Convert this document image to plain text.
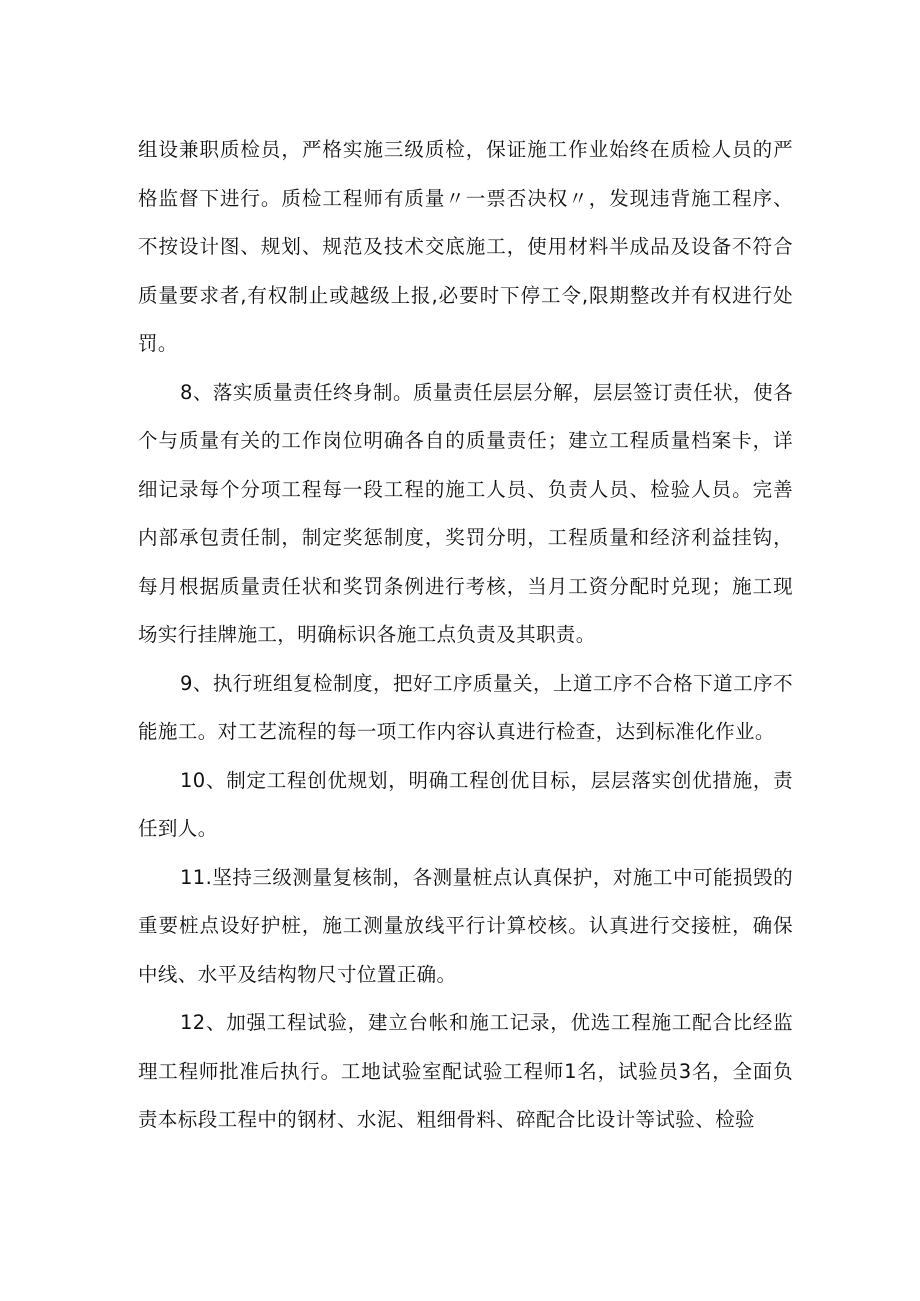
组设兼职质检员，严格实施三级质检，保证施工作业始终在质检人员的严格监督下进行。质检工程师有质量〃一票否决权〃，发现违背施工程序、不按设计图、规划、规范及技术交底施工，使用材料半成品及设备不符合质量要求者,有权制止或越级上报,必要时下停工令,限期整改并有权进行处罚。

8、落实质量责任终身制。质量责任层层分解，层层签订责任状，使各个与质量有关的工作岗位明确各自的质量责任；建立工程质量档案卡，详细记录每个分项工程每一段工程的施工人员、负责人员、检验人员。完善内部承包责任制，制定奖惩制度，奖罚分明，工程质量和经济利益挂钩，每月根据质量责任状和奖罚条例进行考核，当月工资分配时兑现；施工现场实行挂牌施工，明确标识各施工点负责及其职责。

9、执行班组复检制度，把好工序质量关，上道工序不合格下道工序不能施工。对工艺流程的每一项工作内容认真进行检查，达到标准化作业。

10、制定工程创优规划，明确工程创优目标，层层落实创优措施，责任到人。

11.坚持三级测量复核制，各测量桩点认真保护，对施工中可能损毁的重要桩点设好护桩，施工测量放线平行计算校核。认真进行交接桩，确保中线、水平及结构物尺寸位置正确。

12、加强工程试验，建立台帐和施工记录，优选工程施工配合比经监理工程师批准后执行。工地试验室配试验工程师1名，试验员3名，全面负责本标段工程中的钢材、水泥、粗细骨料、碎配合比设计等试验、检验
